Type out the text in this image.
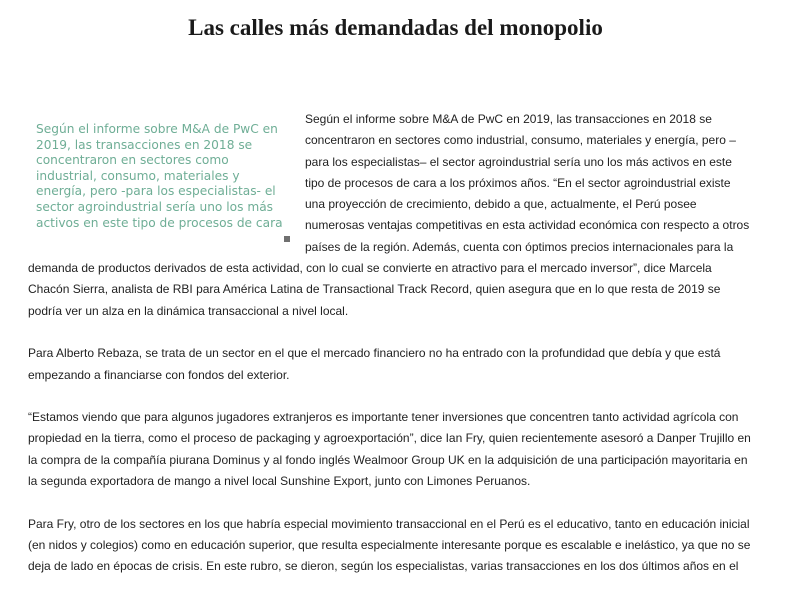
Las calles más demandadas del monopolio

Según el informe sobre M&A de PwC en 2019, las transacciones en 2018 se concentraron en sectores como industrial, consumo, materiales y energía, pero -para los especialistas- el sector agroindustrial sería uno los más activos en este tipo de procesos de cara

Según el informe sobre M&A de PwC en 2019, las transacciones en 2018 se concentraron en sectores como industrial, consumo, materiales y energía, pero –para los especialistas– el sector agroindustrial sería uno los más activos en este tipo de procesos de cara a los próximos años. “En el sector agroindustrial existe una proyección de crecimiento, debido a que, actualmente, el Perú posee numerosas ventajas competitivas en esta actividad económica con respecto a otros países de la región. Además, cuenta con óptimos precios internacionales para la demanda de productos derivados de esta actividad, con lo cual se convierte en atractivo para el mercado inversor”, dice Marcela Chacón Sierra, analista de RBI para América Latina de Transactional Track Record, quien asegura que en lo que resta de 2019 se podría ver un alza en la dinámica transaccional a nivel local.

Para Alberto Rebaza, se trata de un sector en el que el mercado financiero no ha entrado con la profundidad que debía y que está empezando a financiarse con fondos del exterior.

“Estamos viendo que para algunos jugadores extranjeros es importante tener inversiones que concentren tanto actividad agrícola con propiedad en la tierra, como el proceso de packaging y agroexportación”, dice Ian Fry, quien recientemente asesoró a Danper Trujillo en la compra de la compañía piurana Dominus y al fondo inglés Wealmoor Group UK en la adquisición de una participación mayoritaria en la segunda exportadora de mango a nivel local Sunshine Export, junto con Limones Peruanos.

Para Fry, otro de los sectores en los que habría especial movimiento transaccional en el Perú es el educativo, tanto en educación inicial (en nidos y colegios) como en educación superior, que resulta especialmente interesante porque es escalable e inelástico, ya que no se deja de lado en épocas de crisis. En este rubro, se dieron, según los especialistas, varias transacciones en los dos últimos años en el
